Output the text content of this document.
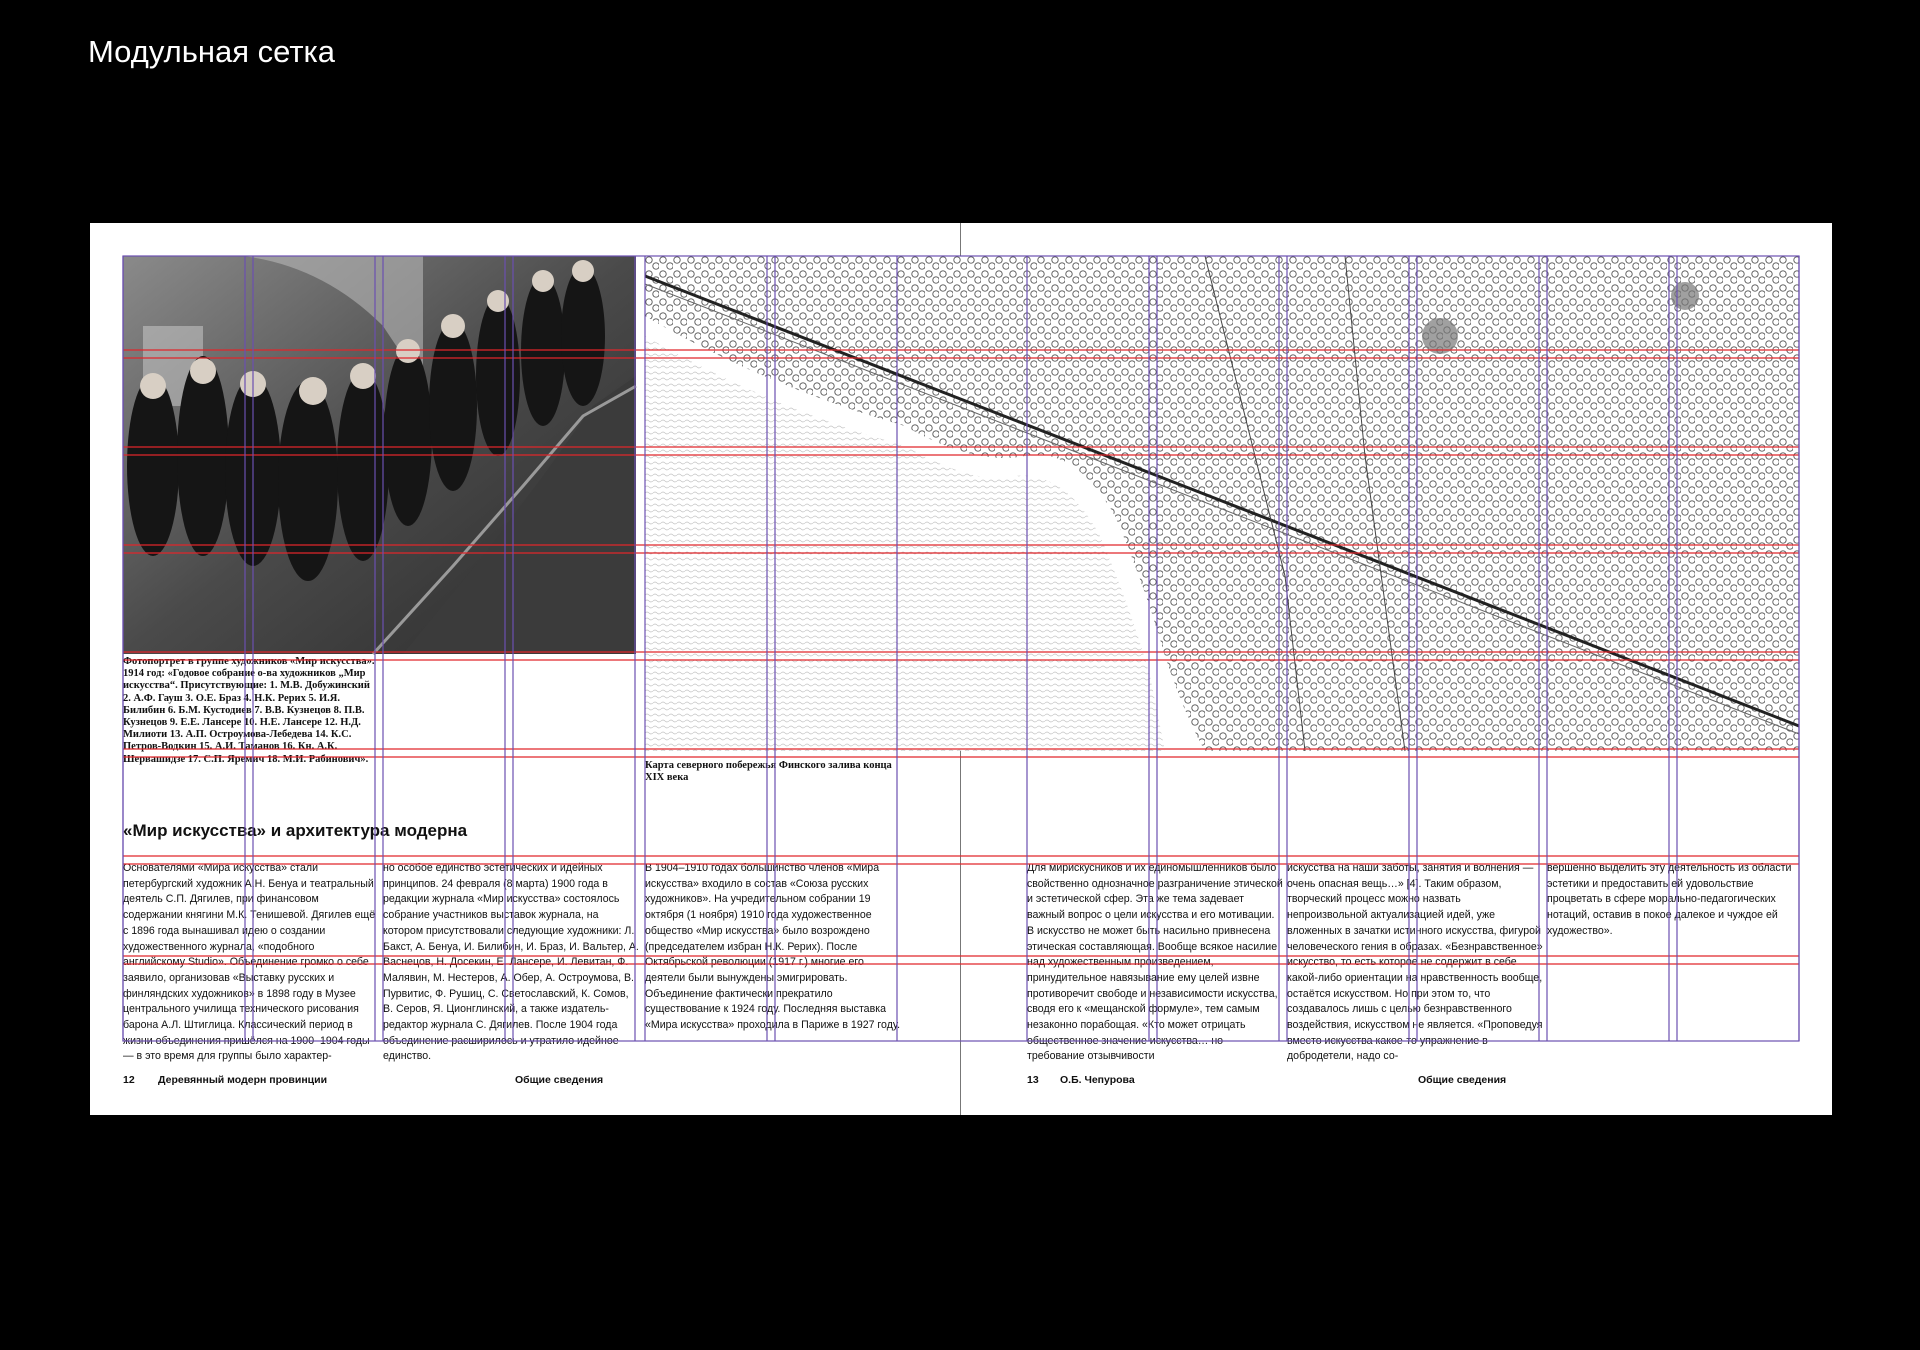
Модульная сетка

Фотопортрет в группе художников «Мир искусства». 1914 год: «Годовое собрание о-ва художников „Мир искусства“. Присутствующие: 1. М.В. Добужинский 2. А.Ф. Гауш 3. О.Е. Браз 4. Н.К. Рерих 5. И.Я. Билибин 6. Б.М. Кустодиев 7. В.В. Кузнецов 8. П.В. Кузнецов 9. Е.Е. Лансере 10. Н.Е. Лансере 12. Н.Д. Милиоти 13. А.П. Остроумова-Лебедева 14. К.С. Петров-Водкин 15. А.И. Таманов 16. Кн. А.К. Шервашидзе 17. С.П. Яремич 18. М.И. Рабинович».

Карта северного побережья Финского залива конца XIX века

«Мир искусства» и архитектура модерна

Основателями «Мира искусства» стали петербургский художник А.Н. Бенуа и театральный деятель С.П. Дягилев, при финансовом содержании княгини М.К. Тенишевой. Дягилев ещё с 1896 года вынашивал идею о создании художественного журнала, «подобного английскому Studio». Объединение громко о себе заявило, организовав «Выставку русских и финляндских художников» в 1898 году в Музее центрального училища технического рисования барона А.Л. Штиглица. Классический период в жизни объединения пришёлся на 1900–1904 годы — в это время для группы было характер-

но особое единство эстетических и идейных принципов. 24 февраля (8 марта) 1900 года в редакции журнала «Мир искусства» состоялось собрание участников выставок журнала, на котором присутствовали следующие художники: Л. Бакст, А. Бенуа, И. Билибин, И. Браз, И. Вальтер, А. Васнецов, Н. Досекин, Е. Лансере, И. Левитан, Ф. Малявин, М. Нестеров, А. Обер, А. Остроумова, В. Пурвитис, Ф. Рушиц, С. Светославский, К. Сомов, В. Серов, Я. Ционглинский, а также издатель-редактор журнала С. Дягилев. После 1904 года объединение расширилось и утратило идейное единство.

В 1904–1910 годах большинство членов «Мира искусства» входило в состав «Союза русских художников». На учредительном собрании 19 октября (1 ноября) 1910 года художественное общество «Мир искусства» было возрождено (председателем избран Н.К. Рерих). После Октябрьской революции (1917 г.) многие его деятели были вынуждены эмигрировать. Объединение фактически прекратило существование к 1924 году. Последняя выставка «Мира искусства» проходила в Париже в 1927 году.

Для мирискусников и их единомышленников было свойственно однозначное разграничение этической и эстетической сфер. Эта же тема задевает важный вопрос о цели искусства и его мотивации. В искусство не может быть насильно привнесена этическая составляющая. Вообще всякое насилие над художественным произведением, принудительное навязывание ему целей извне противоречит свободе и независимости искусства, сводя его к «мещанской формуле», тем самым незаконно порабощая. «Кто может отрицать общественное значение искусства… но требование отзывчивости

искусства на наши заботы, занятия и волнения — очень опасная вещь…» [4]. Таким образом, творческий процесс можно назвать непроизвольной актуализацией идей, уже вложенных в зачатки истинного искусства, фигурой человеческого гения в образах. «Безнравственное» искусство, то есть которое не содержит в себе какой-либо ориентации на нравственность вообще, остаётся искусством. Но при этом то, что создавалось лишь с целью безнравственного воздействия, искусством не является. «Проповедуя вместо искусства какое-то упражнение в добродетели, надо со-

вершенно выделить эту деятельность из области эстетики и предоставить ей удовольствие процветать в сфере морально-педагогических нотаций, оставив в покое далекое и чуждое ей художество».

12 Деревянный модерн провинции	Общие сведения	13 О.Б. Чепурова	Общие сведения
